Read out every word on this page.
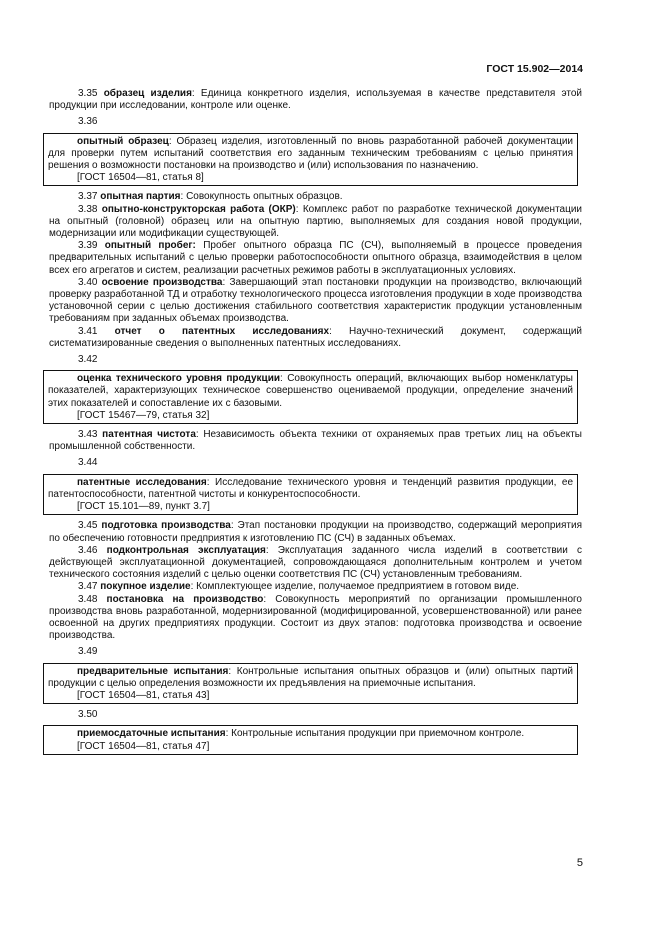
ГОСТ 15.902—2014

3.35 образец изделия: Единица конкретного изделия, используемая в качестве представителя этой продукции при исследовании, контроле или оценке.

3.36

опытный образец: Образец изделия, изготовленный по вновь разработанной рабочей документации для проверки путем испытаний соответствия его заданным техническим требованиям с целью принятия решения о возможности постановки на производство и (или) использования по назначению.

[ГОСТ 16504—81, статья 8]

3.37 опытная партия: Совокупность опытных образцов.

3.38 опытно-конструкторская работа (ОКР): Комплекс работ по разработке технической документации на опытный (головной) образец или на опытную партию, выполняемых для создания новой продукции, модернизации или модификации существующей.

3.39 опытный пробег: Пробег опытного образца ПС (СЧ), выполняемый в процессе проведения предварительных испытаний с целью проверки работоспособности опытного образца, взаимодействия в целом всех его агрегатов и систем, реализации расчетных режимов работы в эксплуатационных условиях.

3.40 освоение производства: Завершающий этап постановки продукции на производство, включающий проверку разработанной ТД и отработку технологического процесса изготовления продукции в ходе производства установочной серии с целью достижения стабильного соответствия характеристик продукции установленным требованиям при заданных объемах производства.

3.41 отчет о патентных исследованиях: Научно-технический документ, содержащий систематизированные сведения о выполненных патентных исследованиях.

3.42

оценка технического уровня продукции: Совокупность операций, включающих выбор номенклатуры показателей, характеризующих техническое совершенство оцениваемой продукции, определение значений этих показателей и сопоставление их с базовыми.

[ГОСТ 15467—79, статья 32]

3.43 патентная чистота: Независимость объекта техники от охраняемых прав третьих лиц на объекты промышленной собственности.

3.44

патентные исследования: Исследование технического уровня и тенденций развития продукции, ее патентоспособности, патентной чистоты и конкурентоспособности.

[ГОСТ 15.101—89, пункт 3.7]

3.45 подготовка производства: Этап постановки продукции на производство, содержащий мероприятия по обеспечению готовности предприятия к изготовлению ПС (СЧ) в заданных объемах.

3.46 подконтрольная эксплуатация: Эксплуатация заданного числа изделий в соответствии с действующей эксплуатационной документацией, сопровождающаяся дополнительным контролем и учетом технического состояния изделий с целью оценки соответствия ПС (СЧ) установленным требованиям.

3.47 покупное изделие: Комплектующее изделие, получаемое предприятием в готовом виде.

3.48 постановка на производство: Совокупность мероприятий по организации промышленного производства вновь разработанной, модернизированной (модифицированной, усовершенствованной) или ранее освоенной на других предприятиях продукции. Состоит из двух этапов: подготовка производства и освоение производства.

3.49

предварительные испытания: Контрольные испытания опытных образцов и (или) опытных партий продукции с целью определения возможности их предъявления на приемочные испытания.

[ГОСТ 16504—81, статья 43]
3.50

приемосдаточные испытания: Контрольные испытания продукции при приемочном контроле.

[ГОСТ 16504—81, статья 47]
5
